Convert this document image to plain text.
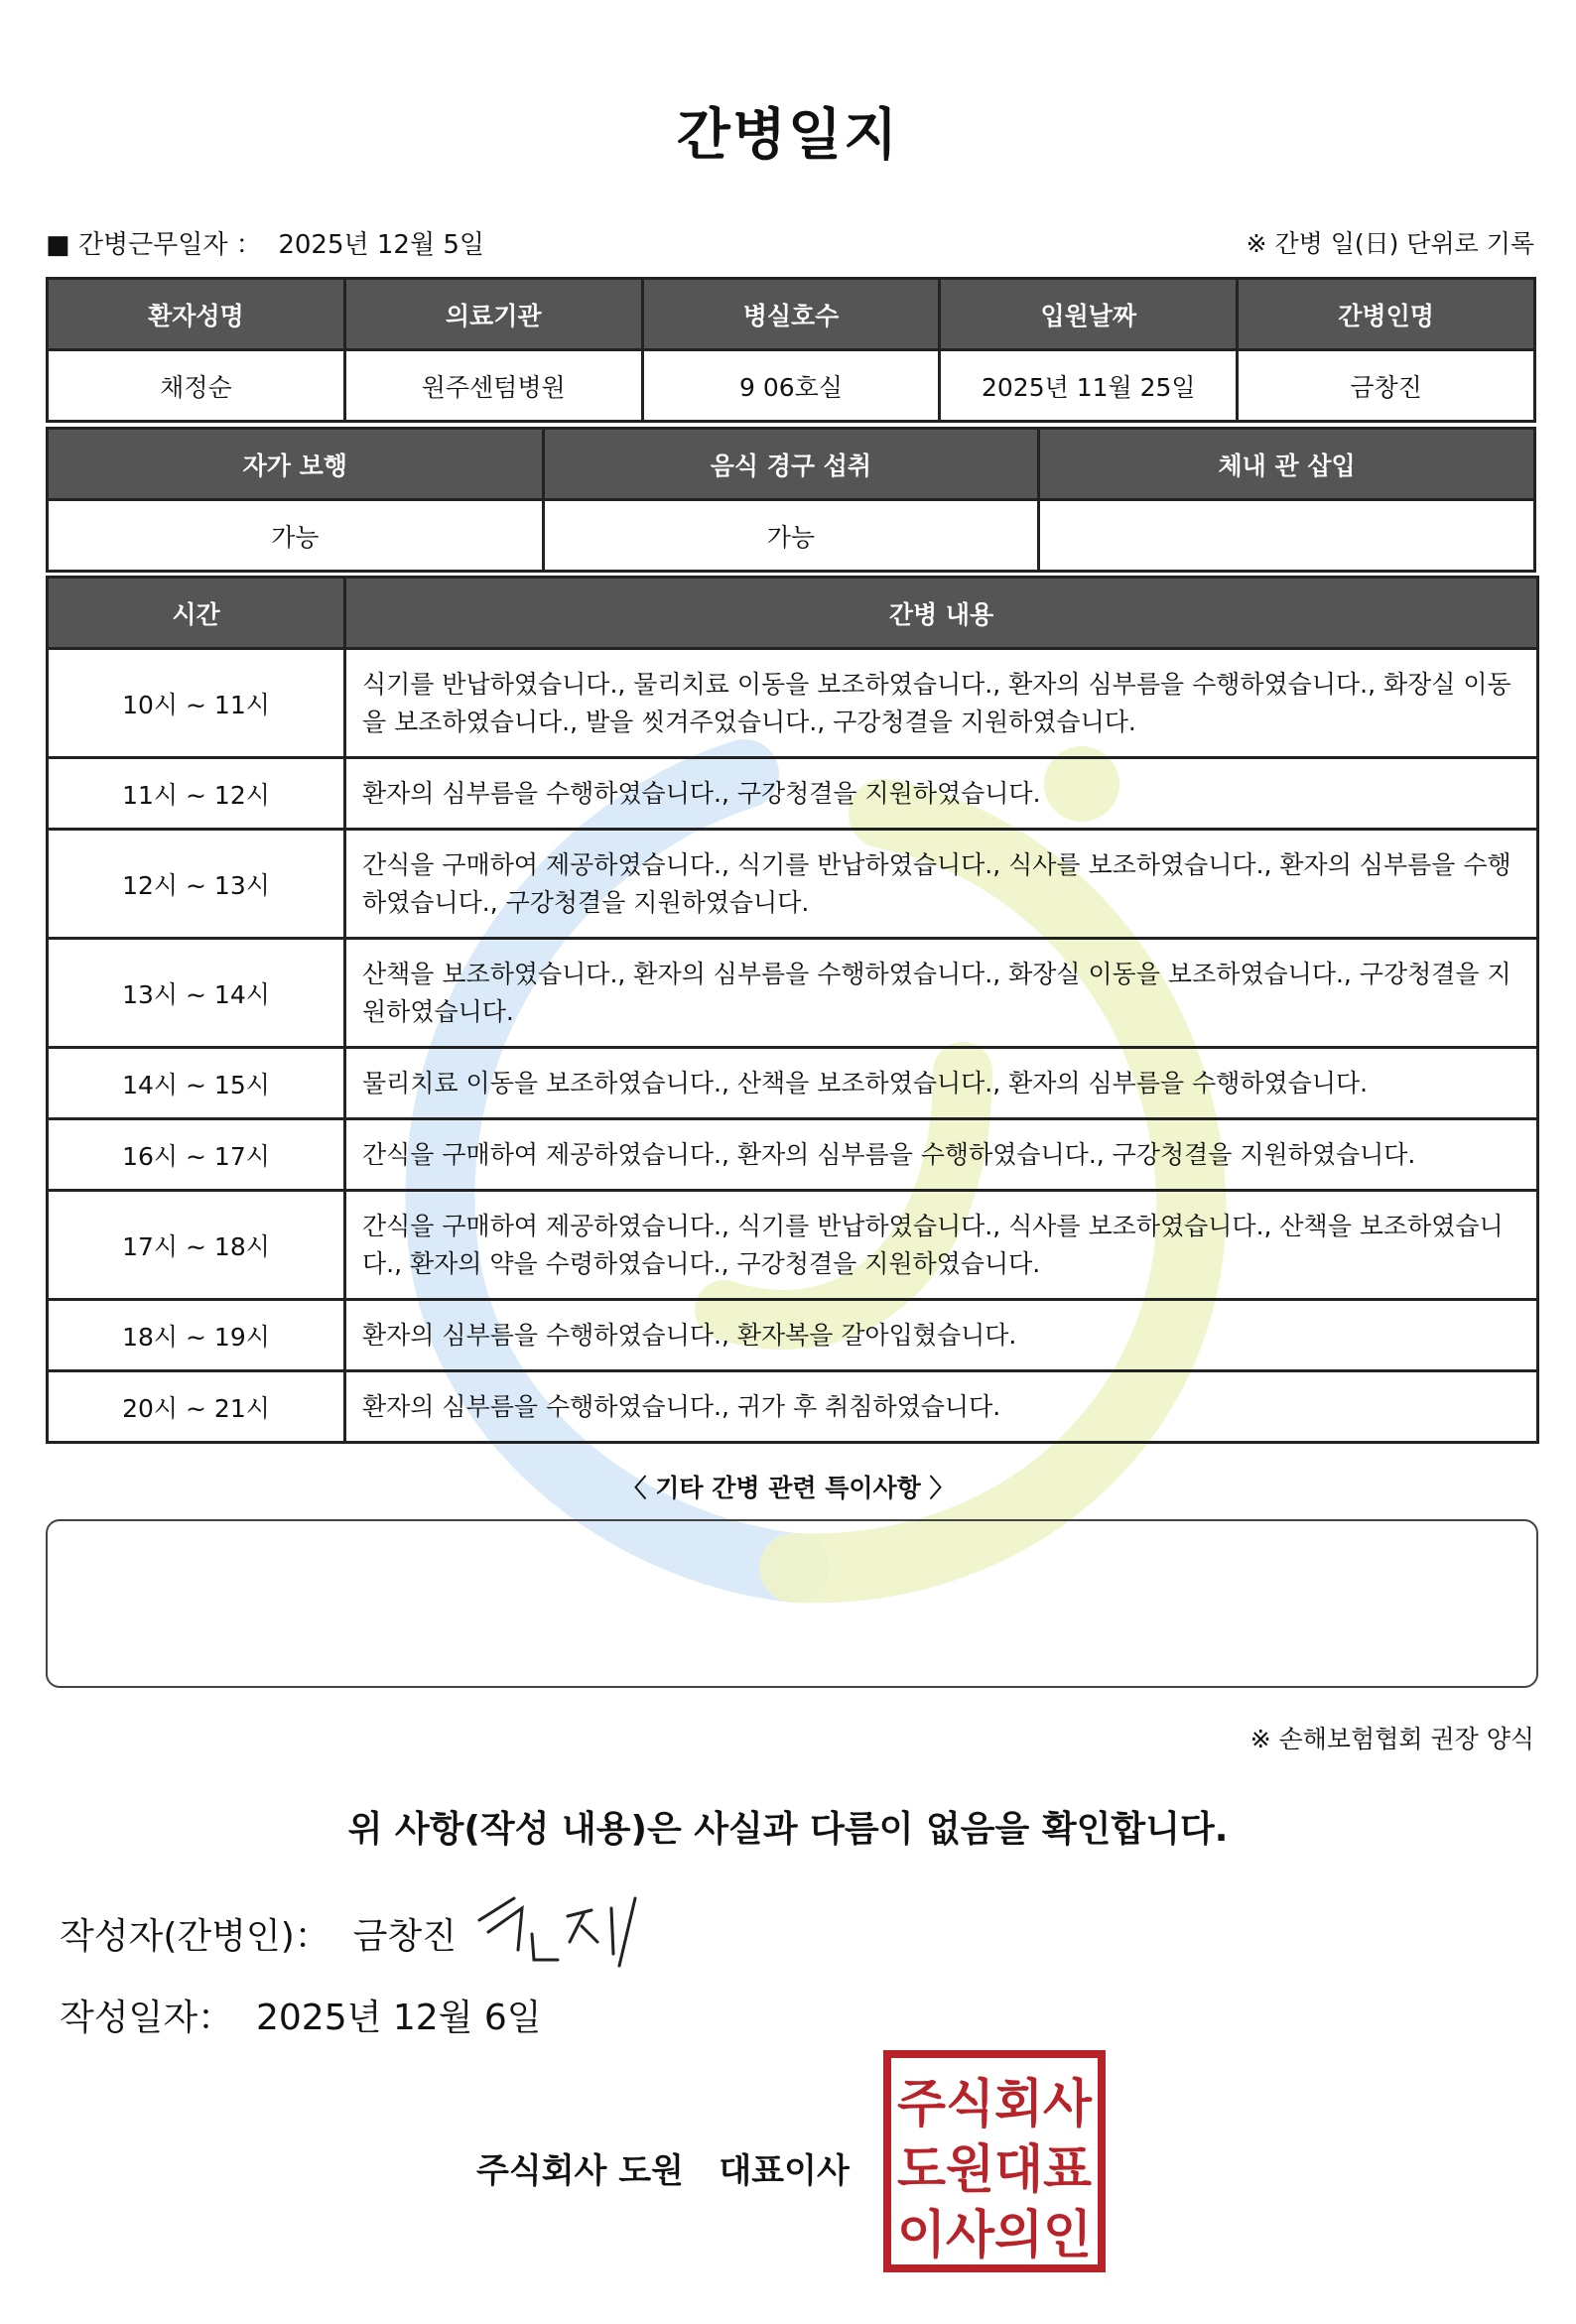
간병일지
■ 간병근무일자 ： 2025년 12월 5일	※ 간병 일(日) 단위로 기록
환자성명	의료기관	병실호수	입원날짜	간병인명
채정순	원주센텀병원	9 06호실	2025년 11월 25일	금창진
자가 보행	음식 경구 섭취	체내 관 삽입
가능	가능	
시간	간병 내용
10시 ~ 11시	식기를 반납하였습니다., 물리치료 이동을 보조하였습니다., 환자의 심부름을 수행하였습니다., 화장실 이동을 보조하였습니다., 발을 씻겨주었습니다., 구강청결을 지원하였습니다.
11시 ~ 12시	환자의 심부름을 수행하였습니다., 구강청결을 지원하였습니다.
12시 ~ 13시	간식을 구매하여 제공하였습니다., 식기를 반납하였습니다., 식사를 보조하였습니다., 환자의 심부름을 수행하였습니다., 구강청결을 지원하였습니다.
13시 ~ 14시	산책을 보조하였습니다., 환자의 심부름을 수행하였습니다., 화장실 이동을 보조하였습니다., 구강청결을 지원하였습니다.
14시 ~ 15시	물리치료 이동을 보조하였습니다., 산책을 보조하였습니다., 환자의 심부름을 수행하였습니다.
16시 ~ 17시	간식을 구매하여 제공하였습니다., 환자의 심부름을 수행하였습니다., 구강청결을 지원하였습니다.
17시 ~ 18시	간식을 구매하여 제공하였습니다., 식기를 반납하였습니다., 식사를 보조하였습니다., 산책을 보조하였습니다., 환자의 약을 수령하였습니다., 구강청결을 지원하였습니다.
18시 ~ 19시	환자의 심부름을 수행하였습니다., 환자복을 갈아입혔습니다.
20시 ~ 21시	환자의 심부름을 수행하였습니다., 귀가 후 취침하였습니다.
〈 기타 간병 관련 특이사항 〉
※ 손해보험협회 권장 양식
위 사항(작성 내용)은 사실과 다름이 없음을 확인합니다.
작성자(간병인)： 금창진
작성일자： 2025년 12월 6일
주식회사 도원   대표이사
주식회사
도원대표
이사의인
